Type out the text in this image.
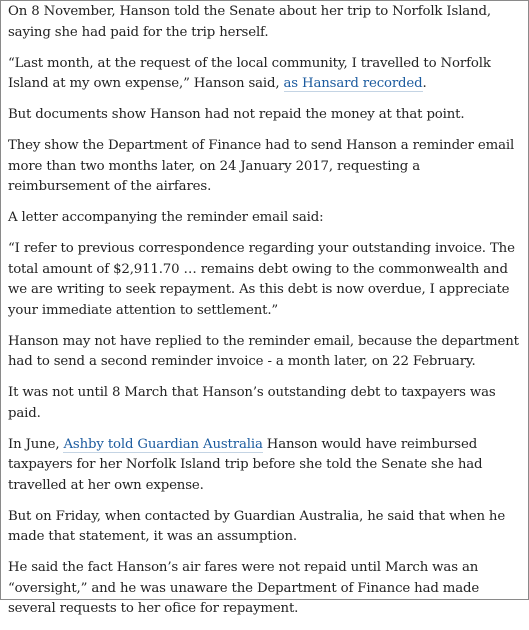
On 8 November, Hanson told the Senate about her trip to Norfolk Island, saying she had paid for the trip herself.

“Last month, at the request of the local community, I travelled to Norfolk Island at my own expense,” Hanson said, as Hansard recorded.

But documents show Hanson had not repaid the money at that point.

They show the Department of Finance had to send Hanson a reminder email more than two months later, on 24 January 2017, requesting a reimbursement of the airfares.

A letter accompanying the reminder email said:

“I refer to previous correspondence regarding your outstanding invoice. The total amount of $2,911.70 … remains debt owing to the commonwealth and we are writing to seek repayment. As this debt is now overdue, I appreciate your immediate attention to settlement.”

Hanson may not have replied to the reminder email, because the department had to send a second reminder invoice - a month later, on 22 February.

It was not until 8 March that Hanson’s outstanding debt to taxpayers was paid.

In June, Ashby told Guardian Australia Hanson would have reimbursed taxpayers for her Norfolk Island trip before she told the Senate she had travelled at her own expense.

But on Friday, when contacted by Guardian Australia, he said that when he made that statement, it was an assumption.

He said the fact Hanson’s air fares were not repaid until March was an “oversight,” and he was unaware the Department of Finance had made several requests to her ofice for repayment.
